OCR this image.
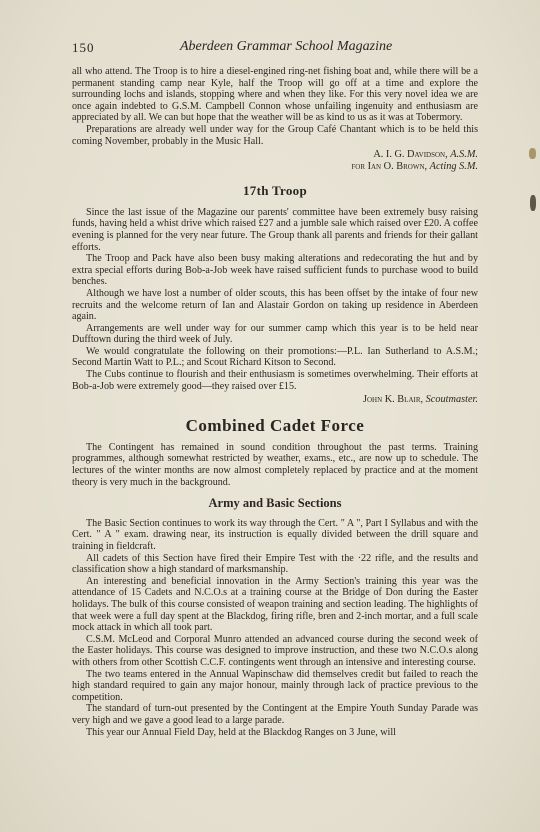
150	Aberdeen Grammar School Magazine

all who attend. The Troop is to hire a diesel-engined ring-net fishing boat and, while there will be a permanent standing camp near Kyle, half the Troop will go off at a time and explore the surrounding lochs and islands, stopping where and when they like. For this very novel idea we are once again indebted to G.S.M. Campbell Connon whose unfailing ingenuity and enthusiasm are appreciated by all. We can but hope that the weather will be as kind to us as it was at Tobermory.

Preparations are already well under way for the Group Café Chantant which is to be held this coming November, probably in the Music Hall.

A. I. G. Davidson, A.S.M.
for Ian O. Brown, Acting S.M.
17th Troop

Since the last issue of the Magazine our parents' committee have been extremely busy raising funds, having held a whist drive which raised £27 and a jumble sale which raised over £20. A coffee evening is planned for the very near future. The Group thank all parents and friends for their gallant efforts.

The Troop and Pack have also been busy making alterations and redecorating the hut and by extra special efforts during Bob-a-Job week have raised sufficient funds to purchase wood to build benches.

Although we have lost a number of older scouts, this has been offset by the intake of four new recruits and the welcome return of Ian and Alastair Gordon on taking up residence in Aberdeen again.

Arrangements are well under way for our summer camp which this year is to be held near Dufftown during the third week of July.

We would congratulate the following on their promotions:—P.L. Ian Sutherland to A.S.M.; Second Martin Watt to P.L.; and Scout Richard Kitson to Second.

The Cubs continue to flourish and their enthusiasm is sometimes overwhelming. Their efforts at Bob-a-Job were extremely good—they raised over £15.

John K. Blair, Scoutmaster.
Combined Cadet Force

The Contingent has remained in sound condition throughout the past terms. Training programmes, although somewhat restricted by weather, exams., etc., are now up to schedule. The lectures of the winter months are now almost completely replaced by practice and at the moment theory is very much in the background.

Army and Basic Sections

The Basic Section continues to work its way through the Cert. " A ", Part I Syllabus and with the Cert. " A " exam. drawing near, its instruction is equally divided between the drill square and training in fieldcraft.

All cadets of this Section have fired their Empire Test with the ·22 rifle, and the results and classification show a high standard of marksmanship.

An interesting and beneficial innovation in the Army Section's training this year was the attendance of 15 Cadets and N.C.O.s at a training course at the Bridge of Don during the Easter holidays. The bulk of this course consisted of weapon training and section leading. The highlights of that week were a full day spent at the Blackdog, firing rifle, bren and 2-inch mortar, and a full scale mock attack in which all took part.

C.S.M. McLeod and Corporal Munro attended an advanced course during the second week of the Easter holidays. This course was designed to improve instruction, and these two N.C.O.s along with others from other Scottish C.C.F. contingents went through an intensive and interesting course.

The two teams entered in the Annual Wapinschaw did themselves credit but failed to reach the high standard required to gain any major honour, mainly through lack of practice previous to the competition.

The standard of turn-out presented by the Contingent at the Empire Youth Sunday Parade was very high and we gave a good lead to a large parade.

This year our Annual Field Day, held at the Blackdog Ranges on 3 June, will
